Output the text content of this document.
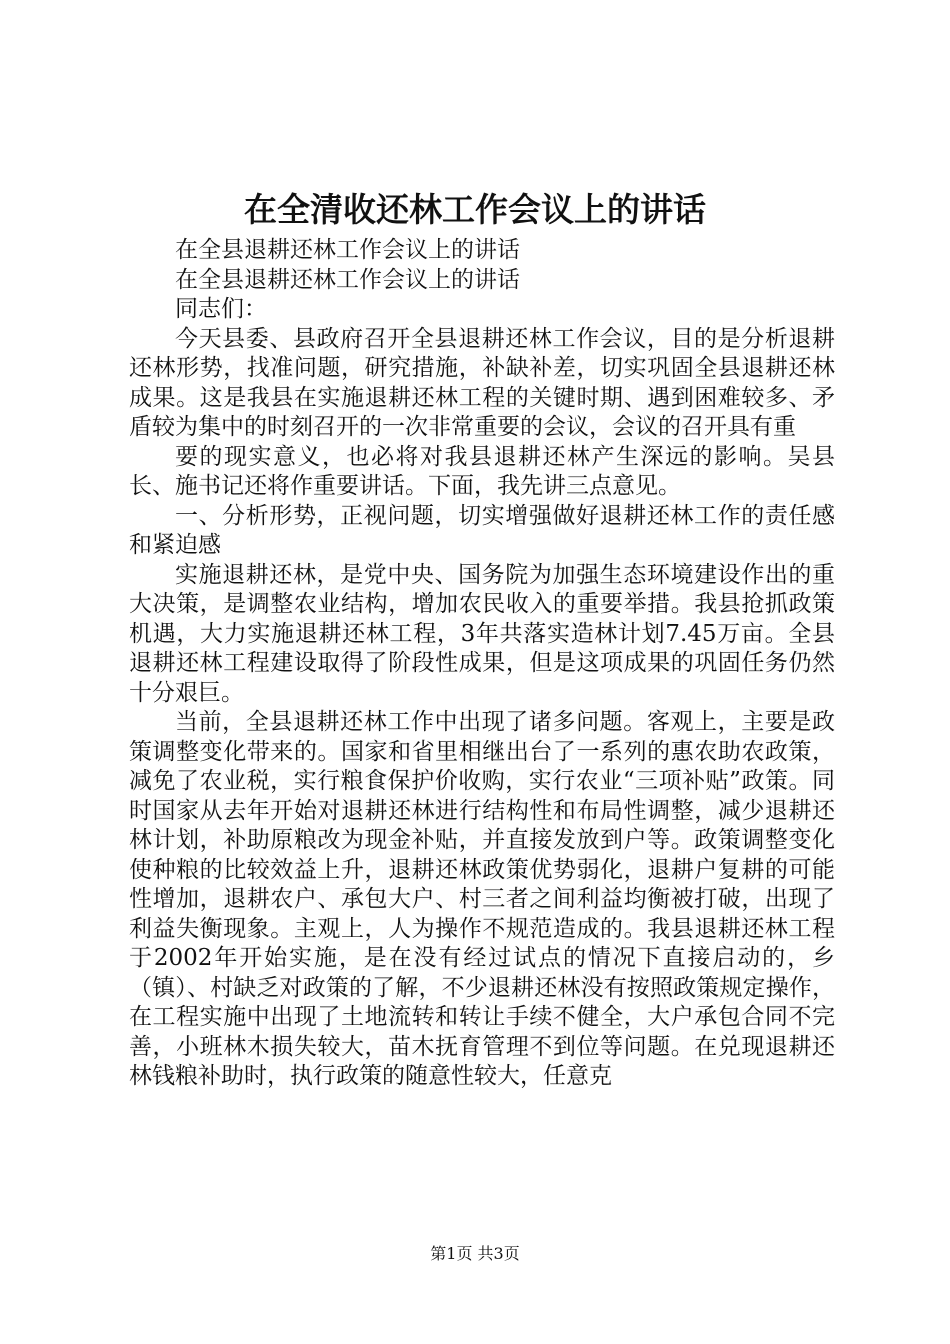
在全清收还林工作会议上的讲话

在全县退耕还林工作会议上的讲话

在全县退耕还林工作会议上的讲话

同志们：

今天县委、县政府召开全县退耕还林工作会议，目的是分析退耕还林形势，找准问题，研究措施，补缺补差，切实巩固全县退耕还林成果。这是我县在实施退耕还林工程的关键时期、遇到困难较多、矛盾较为集中的时刻召开的一次非常重要的会议，会议的召开具有重

要的现实意义，也必将对我县退耕还林产生深远的影响。吴县长、施书记还将作重要讲话。下面，我先讲三点意见。

一、分析形势，正视问题，切实增强做好退耕还林工作的责任感和紧迫感

实施退耕还林，是党中央、国务院为加强生态环境建设作出的重大决策，是调整农业结构，增加农民收入的重要举措。我县抢抓政策机遇，大力实施退耕还林工程，3年共落实造林计划7.45万亩。全县退耕还林工程建设取得了阶段性成果，但是这项成果的巩固任务仍然十分艰巨。

当前，全县退耕还林工作中出现了诸多问题。客观上，主要是政策调整变化带来的。国家和省里相继出台了一系列的惠农助农政策，减免了农业税，实行粮食保护价收购，实行农业“三项补贴”政策。同时国家从去年开始对退耕还林进行结构性和布局性调整，减少退耕还林计划，补助原粮改为现金补贴，并直接发放到户等。政策调整变化使种粮的比较效益上升，退耕还林政策优势弱化，退耕户复耕的可能性增加，退耕农户、承包大户、村三者之间利益均衡被打破，出现了利益失衡现象。主观上，人为操作不规范造成的。我县退耕还林工程于2002年开始实施，是在没有经过试点的情况下直接启动的，乡（镇）、村缺乏对政策的了解，不少退耕还林没有按照政策规定操作，在工程实施中出现了土地流转和转让手续不健全，大户承包合同不完善，小班林木损失较大，苗木抚育管理不到位等问题。在兑现退耕还林钱粮补助时，执行政策的随意性较大，任意克

第1页 共3页
